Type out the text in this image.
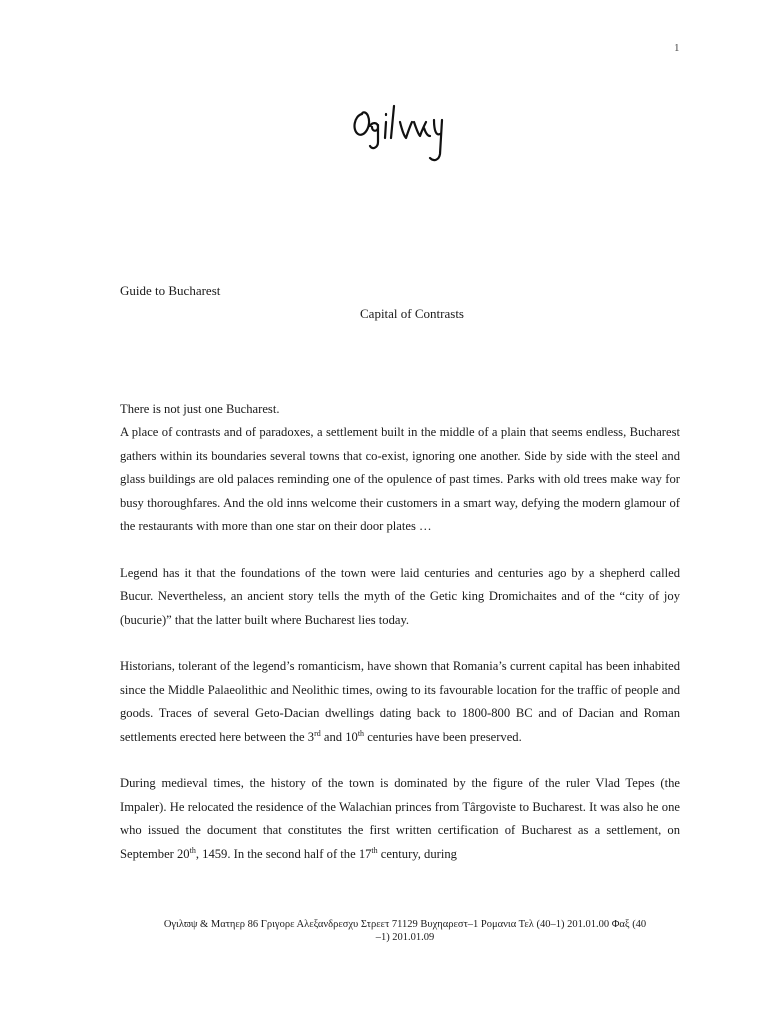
1
Guide to Bucharest
Capital of Contrasts

There is not just one Bucharest.

A place of contrasts and of paradoxes, a settlement built in the middle of a plain that seems endless, Bucharest gathers within its boundaries several towns that co-exist, ignoring one another. Side by side with the steel and glass buildings are old palaces reminding one of the opulence of past times. Parks with old trees make way for busy thoroughfares. And the old inns welcome their customers in a smart way, defying the modern glamour of the restaurants with more than one star on their door plates …

Legend has it that the foundations of the town were laid centuries and centuries ago by a shepherd called Bucur. Nevertheless, an ancient story tells the myth of the Getic king Dromichaites and of the “city of joy (bucurie)” that the latter built where Bucharest lies today.

Historians, tolerant of the legend’s romanticism, have shown that Romania’s current capital has been inhabited since the Middle Palaeolithic and Neolithic times, owing to its favourable location for the traffic of people and goods. Traces of several Geto-Dacian dwellings dating back to 1800-800 BC and of Dacian and Roman settlements erected here between the 3rd and 10th centuries have been preserved.

During medieval times, the history of the town is dominated by the figure of the ruler Vlad Tepes (the Impaler). He relocated the residence of the Walachian princes from Târgoviste to Bucharest. It was also he one who issued the document that constitutes the first written certification of Bucharest as a settlement, on September 20th, 1459. In the second half of the 17th century, during

Ογιλϖψ & Ματηερ 86 Γριγορε Αλεξανδρεσχυ Στρεετ 71129 Βυχηαρεστ–1 Ρομανια Τελ (40–1) 201.01.00 Φαξ (40
–1) 201.01.09
